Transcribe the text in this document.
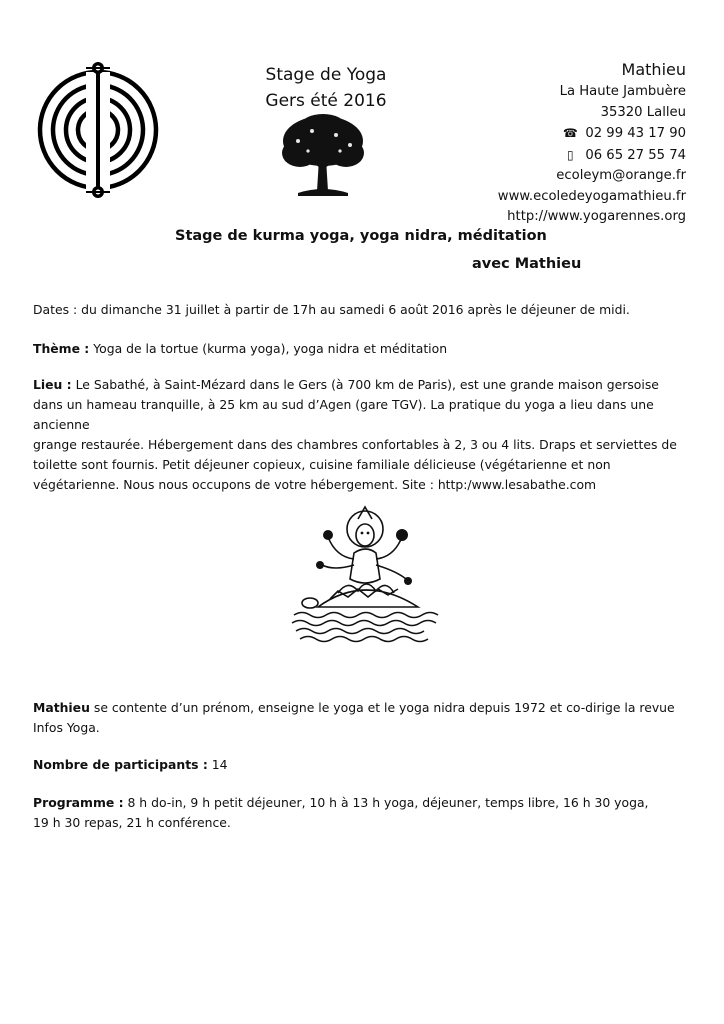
Stage de Yoga
Gers été 2016
Mathieu
La Haute Jambuère
35320 Lalleu
☎ 02 99 43 17 90
▯ 06 65 27 55 74
ecoleym@orange.fr
www.ecoledeyogamathieu.fr
http://www.yogarennes.org
Stage de kurma yoga, yoga nidra, méditation
avec Mathieu
Dates : du dimanche 31 juillet à partir de 17h au samedi 6 août 2016 après le déjeuner de midi.
Thème : Yoga de la tortue (kurma yoga), yoga nidra et méditation
Lieu : Le Sabathé, à Saint-Mézard dans le Gers (à 700 km de Paris), est une grande maison gersoise
dans un hameau tranquille, à 25 km au sud d’Agen (gare TGV). La pratique du yoga a lieu dans une ancienne
grange restaurée. Hébergement dans des chambres confortables à 2, 3 ou 4 lits. Draps et serviettes de
toilette sont fournis. Petit déjeuner copieux, cuisine familiale délicieuse (végétarienne et non
végétarienne. Nous nous occupons de votre hébergement. Site : http:/www.lesabathe.com
Mathieu se contente d’un prénom, enseigne le yoga et le yoga nidra depuis 1972 et co-dirige la revue
Infos Yoga.
Nombre de participants : 14
Programme : 8 h do-in, 9 h petit déjeuner, 10 h à 13 h yoga, déjeuner, temps libre, 16 h 30 yoga,
19 h 30 repas, 21 h conférence.
